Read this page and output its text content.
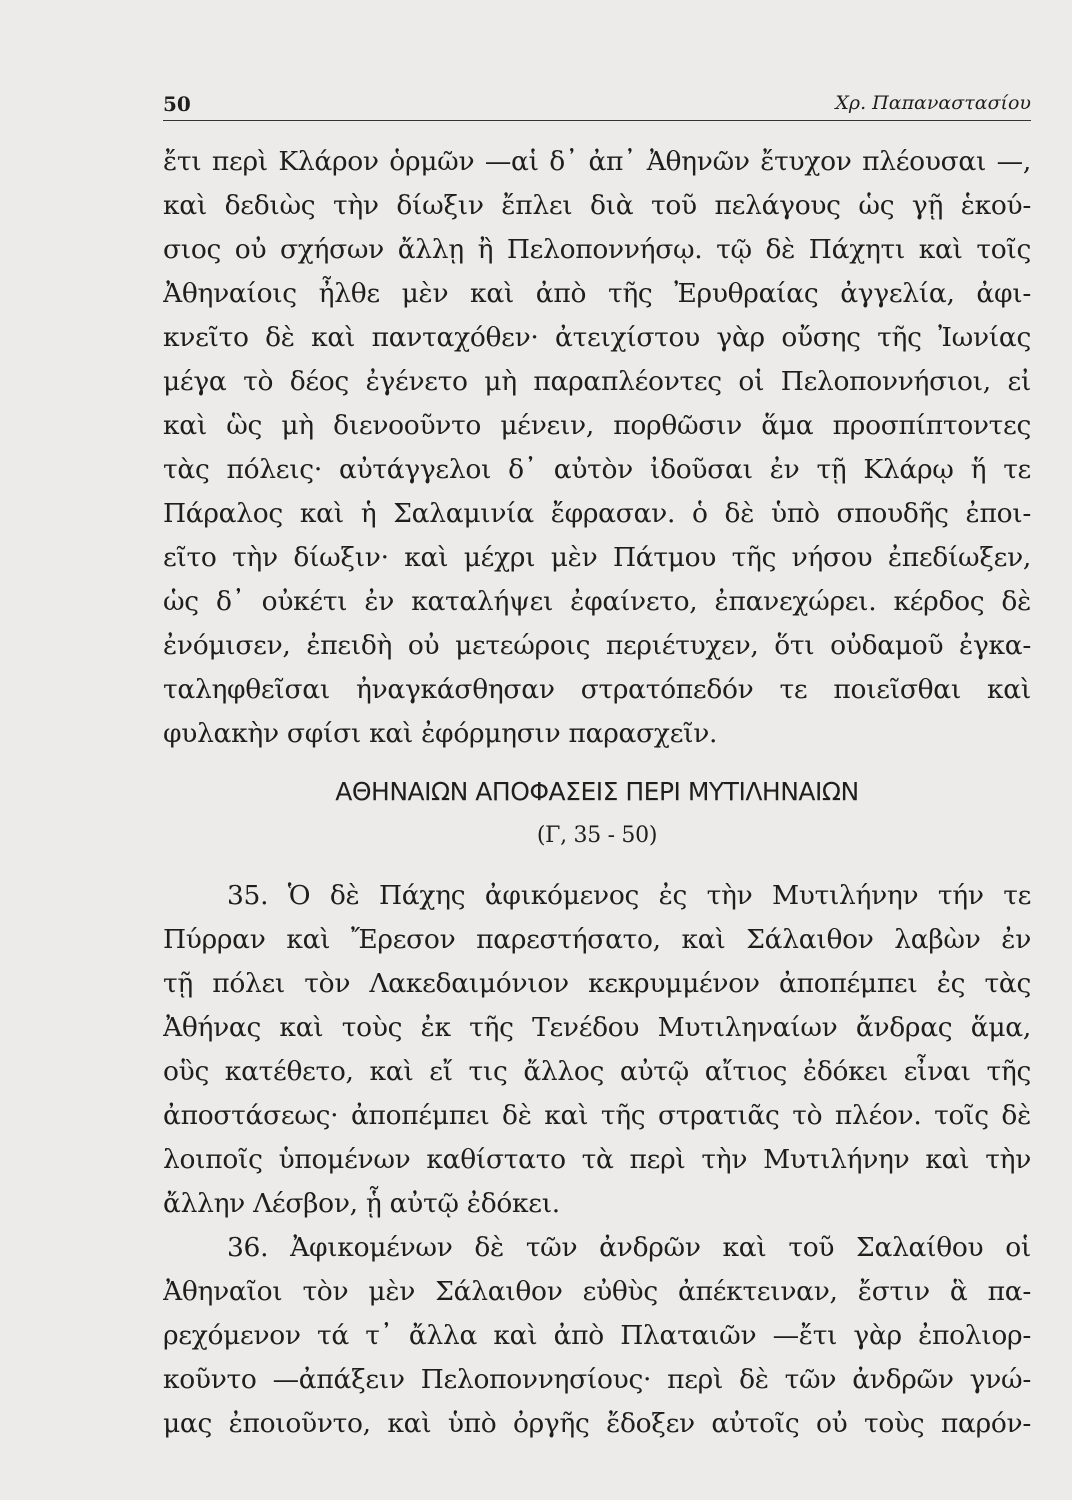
50	Χρ. Παπαναστασίου
ἔτι περὶ Κλάρον ὁρμῶν —αἱ δ᾽ ἀπ᾽ Ἀθηνῶν ἔτυχον πλέουσαι —,
καὶ δεδιὼς τὴν δίωξιν ἔπλει διὰ τοῦ πελάγους ὡς γῇ ἑκού-
σιος οὐ σχήσων ἄλλῃ ἢ Πελοποννήσῳ. τῷ δὲ Πάχητι καὶ τοῖς
Ἀθηναίοις ἦλθε μὲν καὶ ἀπὸ τῆς Ἐρυθραίας ἀγγελία, ἀφι-
κνεῖτο δὲ καὶ πανταχόθεν· ἀτειχίστου γὰρ οὔσης τῆς Ἰωνίας
μέγα τὸ δέος ἐγένετο μὴ παραπλέοντες οἱ Πελοποννήσιοι, εἰ
καὶ ὣς μὴ διενοοῦντο μένειν, πορθῶσιν ἅμα προσπίπτοντες
τὰς πόλεις· αὐτάγγελοι δ᾽ αὐτὸν ἰδοῦσαι ἐν τῇ Κλάρῳ ἥ τε
Πάραλος καὶ ἡ Σαλαμινία ἔφρασαν. ὁ δὲ ὑπὸ σπουδῆς ἐποι-
εῖτο τὴν δίωξιν· καὶ μέχρι μὲν Πάτμου τῆς νήσου ἐπεδίωξεν,
ὡς δ᾽ οὐκέτι ἐν καταλήψει ἐφαίνετο, ἐπανεχώρει. κέρδος δὲ
ἐνόμισεν, ἐπειδὴ οὐ μετεώροις περιέτυχεν, ὅτι οὐδαμοῦ ἐγκα-
ταληφθεῖσαι ἠναγκάσθησαν στρατόπεδόν τε ποιεῖσθαι καὶ
φυλακὴν σφίσι καὶ ἐφόρμησιν παρασχεῖν.
ΑΘΗΝΑΙΩΝ ΑΠΟΦΑΣΕΙΣ ΠΕΡΙ ΜΥΤΙΛΗΝΑΙΩΝ
(Γ, 35 - 50)
35. Ὁ δὲ Πάχης ἀφικόμενος ἐς τὴν Μυτιλήνην τήν τε
Πύρραν καὶ Ἔρεσον παρεστήσατο, καὶ Σάλαιθον λαβὼν ἐν
τῇ πόλει τὸν Λακεδαιμόνιον κεκρυμμένον ἀποπέμπει ἐς τὰς
Ἀθήνας καὶ τοὺς ἐκ τῆς Τενέδου Μυτιληναίων ἄνδρας ἅμα,
οὓς κατέθετο, καὶ εἴ τις ἄλλος αὐτῷ αἴτιος ἐδόκει εἶναι τῆς
ἀποστάσεως· ἀποπέμπει δὲ καὶ τῆς στρατιᾶς τὸ πλέον. τοῖς δὲ
λοιποῖς ὑπομένων καθίστατο τὰ περὶ τὴν Μυτιλήνην καὶ τὴν
ἄλλην Λέσβον, ᾗ αὐτῷ ἐδόκει.
36. Ἀφικομένων δὲ τῶν ἀνδρῶν καὶ τοῦ Σαλαίθου οἱ
Ἀθηναῖοι τὸν μὲν Σάλαιθον εὐθὺς ἀπέκτειναν, ἔστιν ἃ πα-
ρεχόμενον τά τ᾽ ἄλλα καὶ ἀπὸ Πλαταιῶν —ἔτι γὰρ ἐπολιορ-
κοῦντο —ἀπάξειν Πελοποννησίους· περὶ δὲ τῶν ἀνδρῶν γνώ-
μας ἐποιοῦντο, καὶ ὑπὸ ὀργῆς ἔδοξεν αὐτοῖς οὐ τοὺς παρόν-
